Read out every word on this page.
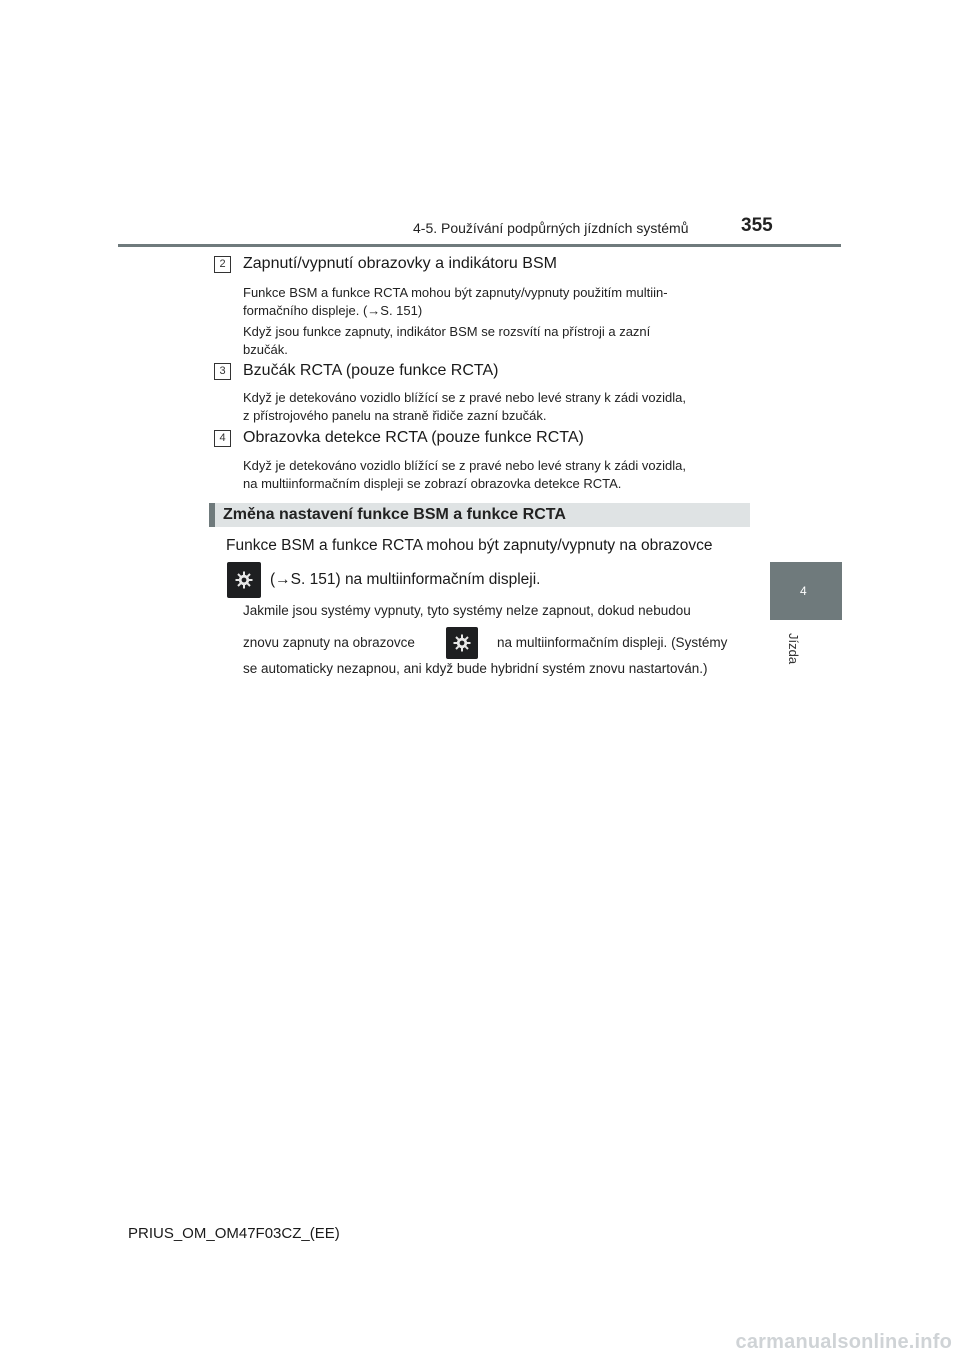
4-5. Používání podpůrných jízdních systémů	355
4
Jízda
2	Zapnutí/vypnutí obrazovky a indikátoru BSM

Funkce BSM a funkce RCTA mohou být zapnuty/vypnuty použitím multiin-
formačního displeje. (→S. 151)

Když jsou funkce zapnuty, indikátor BSM se rozsvítí na přístroji a zazní
bzučák.

3	Bzučák RCTA (pouze funkce RCTA)

Když je detekováno vozidlo blížící se z pravé nebo levé strany k zádi vozidla,
z přístrojového panelu na straně řidiče zazní bzučák.

4	Obrazovka detekce RCTA (pouze funkce RCTA)

Když je detekováno vozidlo blížící se z pravé nebo levé strany k zádi vozidla,
na multiinformačním displeji se zobrazí obrazovka detekce RCTA.

Změna nastavení funkce BSM a funkce RCTA
Funkce BSM a funkce RCTA mohou být zapnuty/vypnuty na obrazovce
(→S. 151) na multiinformačním displeji.
Jakmile jsou systémy vypnuty, tyto systémy nelze zapnout, dokud nebudou
znovu zapnuty na obrazovce	na multiinformačním displeji. (Systémy
se automaticky nezapnou, ani když bude hybridní systém znovu nastartován.)
PRIUS_OM_OM47F03CZ_(EE)
carmanualsonline.info
